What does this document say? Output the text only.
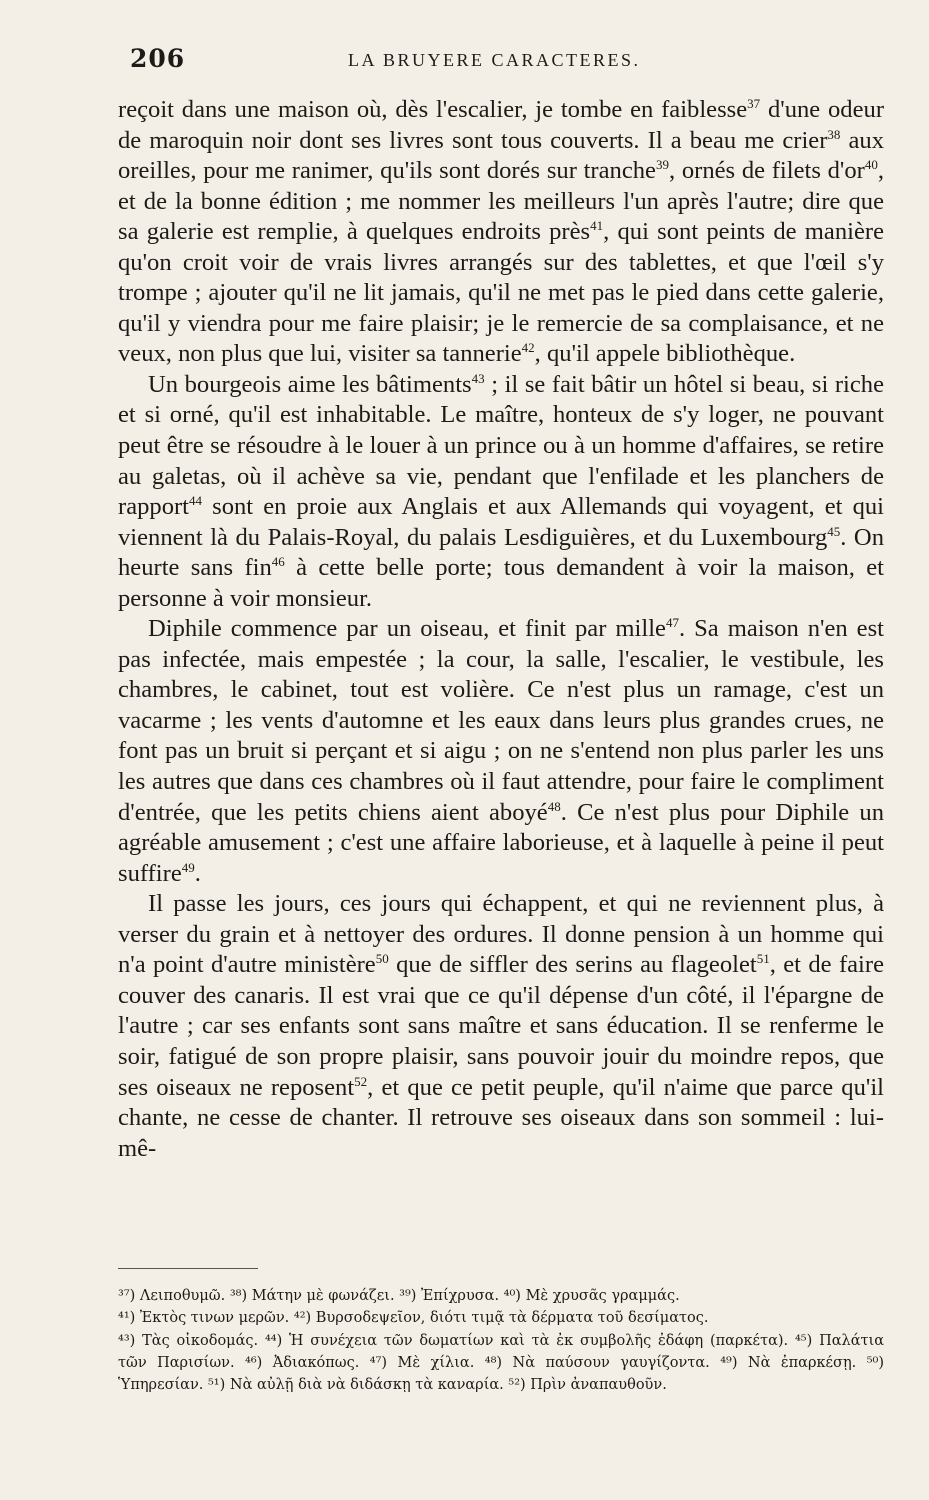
206	LA BRUYERE CARACTERES.

reçoit dans une maison où, dès l'escalier, je tombe en faiblesse$^{37}$ d'une odeur de maroquin noir dont ses livres sont tous couverts. Il a beau me crier$^{38}$ aux oreilles, pour me ranimer, qu'ils sont dorés sur tranche$^{39}$, ornés de filets d'or$^{40}$, et de la bonne édition ; me nommer les meilleurs l'un après l'autre; dire que sa galerie est remplie, à quelques endroits près$^{41}$, qui sont peints de manière qu'on croit voir de vrais livres arrangés sur des tablettes, et que l'œil s'y trompe ; ajouter qu'il ne lit jamais, qu'il ne met pas le pied dans cette galerie, qu'il y viendra pour me faire plaisir; je le remercie de sa complaisance, et ne veux, non plus que lui, visiter sa tannerie$^{42}$, qu'il appele bibliothèque.

Un bourgeois aime les bâtiments$^{43}$ ; il se fait bâtir un hôtel si beau, si riche et si orné, qu'il est inhabitable. Le maître, honteux de s'y loger, ne pouvant peut être se résoudre à le louer à un prince ou à un homme d'affaires, se retire au galetas, où il achève sa vie, pendant que l'enfilade et les planchers de rapport$^{44}$ sont en proie aux Anglais et aux Allemands qui voyagent, et qui viennent là du Palais-Royal, du palais Lesdiguières, et du Luxembourg$^{45}$. On heurte sans fin$^{46}$ à cette belle porte; tous demandent à voir la maison, et personne à voir monsieur.

Diphile commence par un oiseau, et finit par mille$^{47}$. Sa maison n'en est pas infectée, mais empestée ; la cour, la salle, l'escalier, le vestibule, les chambres, le cabinet, tout est volière. Ce n'est plus un ramage, c'est un vacarme ; les vents d'automne et les eaux dans leurs plus grandes crues, ne font pas un bruit si perçant et si aigu ; on ne s'entend non plus parler les uns les autres que dans ces chambres où il faut attendre, pour faire le compliment d'entrée, que les petits chiens aient aboyé$^{48}$. Ce n'est plus pour Diphile un agréable amusement ; c'est une affaire laborieuse, et à laquelle à peine il peut suffire$^{49}$.

Il passe les jours, ces jours qui échappent, et qui ne reviennent plus, à verser du grain et à nettoyer des ordures. Il donne pension à un homme qui n'a point d'autre ministère$^{50}$ que de siffler des serins au flageolet$^{51}$, et de faire couver des canaris. Il est vrai que ce qu'il dépense d'un côté, il l'épargne de l'autre ; car ses enfants sont sans maître et sans éducation. Il se renferme le soir, fatigué de son propre plaisir, sans pouvoir jouir du moindre repos, que ses oiseaux ne reposent$^{52}$, et que ce petit peuple, qu'il n'aime que parce qu'il chante, ne cesse de chanter. Il retrouve ses oiseaux dans son sommeil : lui-mê-

³⁷) Λειποθυμῶ. ³⁸) Μάτην μὲ φωνάζει. ³⁹) Ἐπίχρυσα. ⁴⁰) Μὲ χρυσᾶς γραμμάς.

⁴¹) Ἐκτὸς τινων μερῶν. ⁴²) Βυρσοδεψεῖον, διότι τιμᾷ τὰ δέρματα τοῦ δεσίματος.

⁴³) Τὰς οἰκοδομάς. ⁴⁴) Ἡ συνέχεια τῶν δωματίων καὶ τὰ ἐκ συμβολῆς ἐδάφη (παρκέτα). ⁴⁵) Παλάτια τῶν Παρισίων. ⁴⁶) Ἀδιακόπως. ⁴⁷) Μὲ χίλια. ⁴⁸) Νὰ παύσουν γαυγίζοντα. ⁴⁹) Νὰ ἐπαρκέσῃ. ⁵⁰) Ὑπηρεσίαν. ⁵¹) Νὰ αὐλῇ διὰ νὰ διδάσκῃ τὰ καναρία. ⁵²) Πρὶν ἀναπαυθοῦν.
